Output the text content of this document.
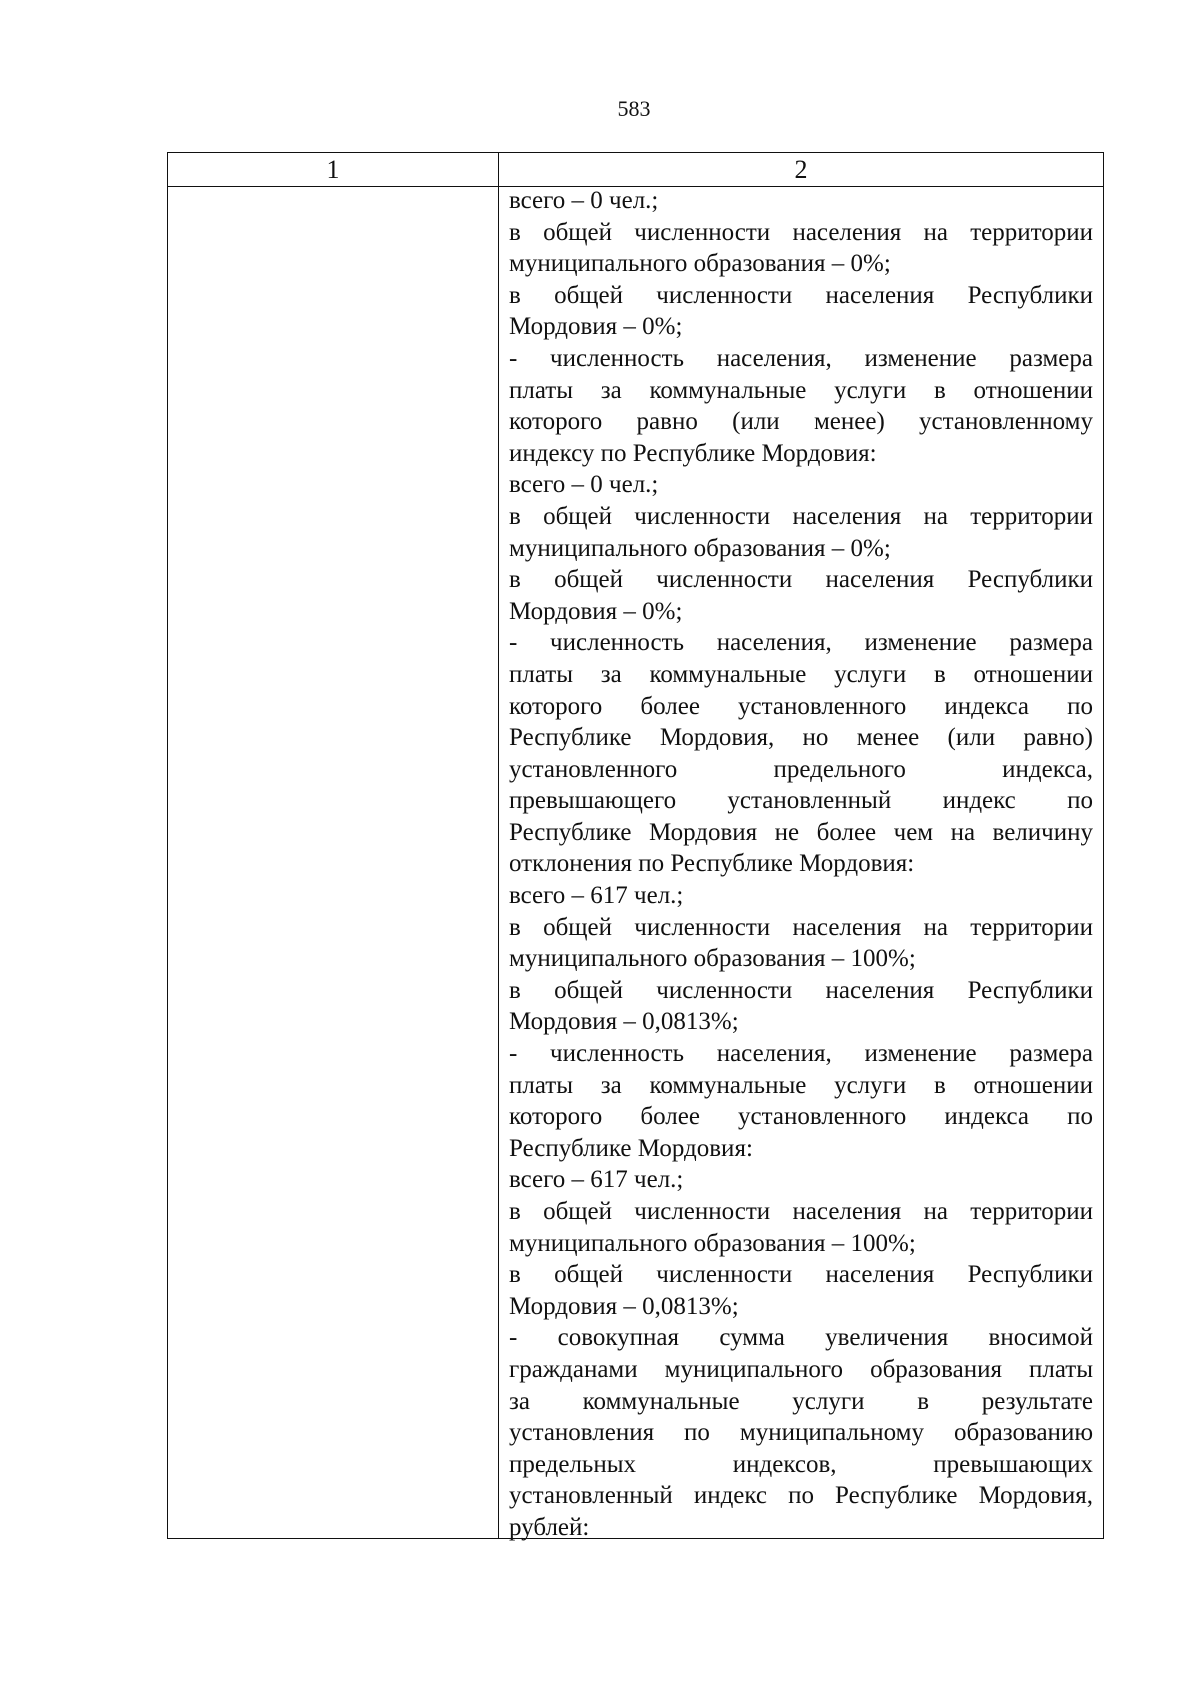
583
1	2
всего – 0 чел.;
в общей численности населения на территории
муниципального образования – 0%;
в общей численности населения Республики
Мордовия – 0%;
- численность населения, изменение размера
платы за коммунальные услуги в отношении
которого равно (или менее) установленному
индексу по Республике Мордовия:
всего – 0 чел.;
в общей численности населения на территории
муниципального образования – 0%;
в общей численности населения Республики
Мордовия – 0%;
- численность населения, изменение размера
платы за коммунальные услуги в отношении
которого более установленного индекса по
Республике Мордовия, но менее (или равно)
установленного предельного индекса,
превышающего установленный индекс по
Республике Мордовия не более чем на величину
отклонения по Республике Мордовия:
всего – 617 чел.;
в общей численности населения на территории
муниципального образования – 100%;
в общей численности населения Республики
Мордовия – 0,0813%;
- численность населения, изменение размера
платы за коммунальные услуги в отношении
которого более установленного индекса по
Республике Мордовия:
всего – 617 чел.;
в общей численности населения на территории
муниципального образования – 100%;
в общей численности населения Республики
Мордовия – 0,0813%;
- совокупная сумма увеличения вносимой
гражданами муниципального образования платы
за коммунальные услуги в результате
установления по муниципальному образованию
предельных индексов, превышающих
установленный индекс по Республике Мордовия,
рублей:
